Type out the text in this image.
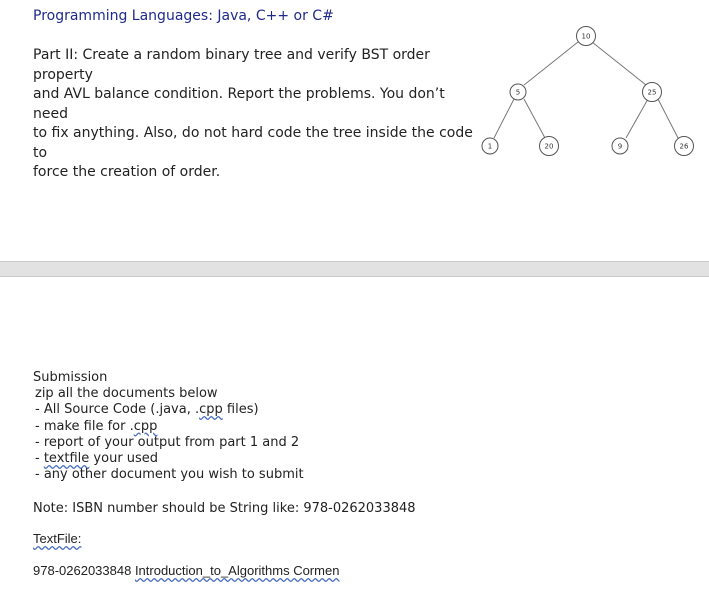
Programming Languages: Java, C++ or C#
Part II: Create a random binary tree and verify BST order property
and AVL balance condition. Report the problems. You don’t need
to fix anything. Also, do not hard code the tree inside the code to
force the creation of order.
10
5	25
1	20	9	26
Submission
zip all the documents below
- All Source Code (.java, .cpp files)
- make file for .cpp
- report of your output from part 1 and 2
- textfile your used
- any other document you wish to submit
Note: ISBN number should be String like: 978-0262033848
TextFile:
978-0262033848 Introduction_to_Algorithms Cormen
